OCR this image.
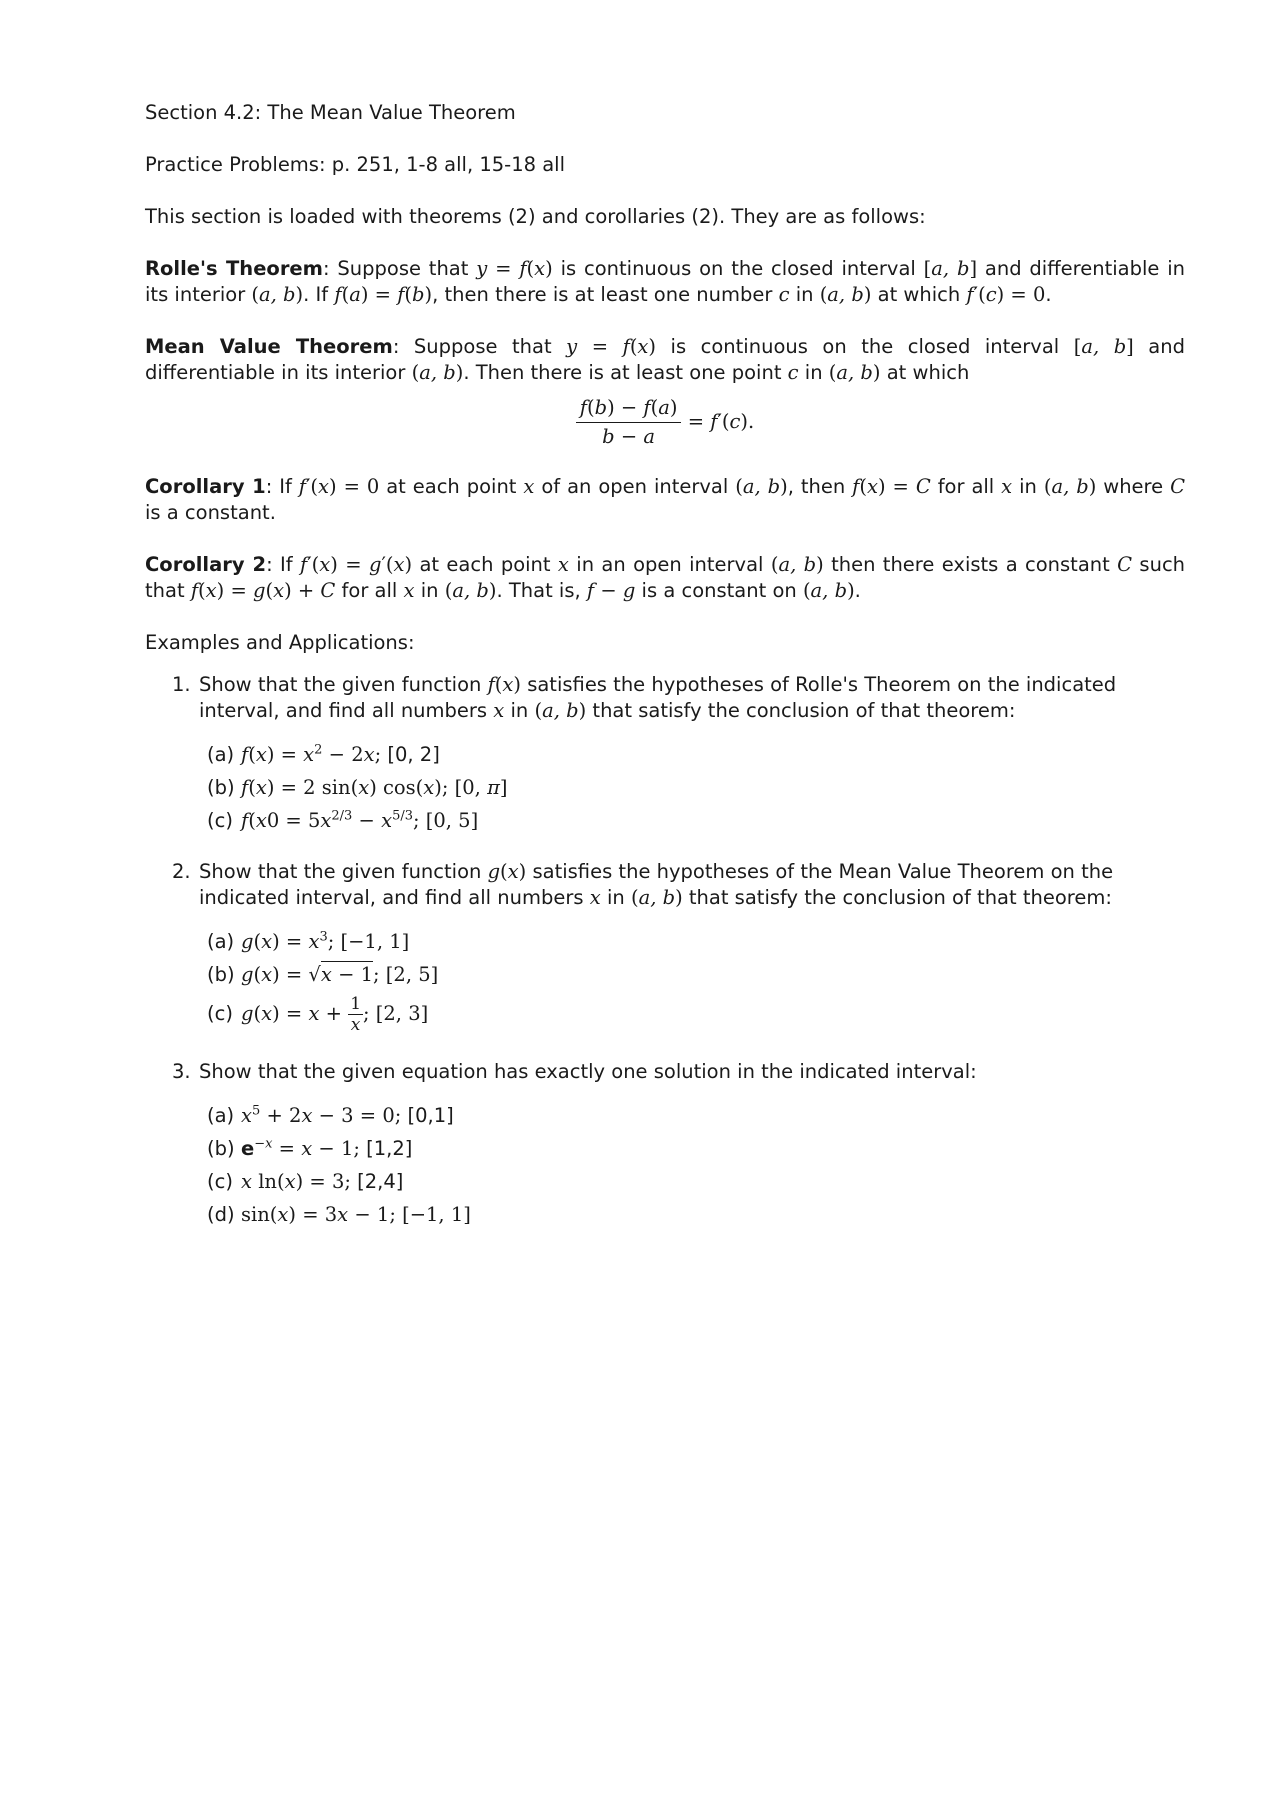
Section 4.2: The Mean Value Theorem

Practice Problems: p. 251, 1-8 all, 15-18 all

This section is loaded with theorems (2) and corollaries (2). They are as follows:

Rolle's Theorem: Suppose that y = f(x) is continuous on the closed interval [a, b] and differentiable in its interior (a, b). If f(a) = f(b), then there is at least one number c in (a, b) at which f′(c) = 0.

Mean Value Theorem: Suppose that y = f(x) is continuous on the closed interval [a, b] and differentiable in its interior (a, b). Then there is at least one point c in (a, b) at which

$\frac{f(b) - f(a)}{b - a} = f'(c)$.

Corollary 1: If f′(x) = 0 at each point x of an open interval (a, b), then f(x) = C for all x in (a, b) where C is a constant.

Corollary 2: If f′(x) = g′(x) at each point x in an open interval (a, b) then there exists a constant C such that f(x) = g(x) + C for all x in (a, b). That is, f − g is a constant on (a, b).

Examples and Applications:

1. Show that the given function f(x) satisfies the hypotheses of Rolle's Theorem on the indicated interval, and find all numbers x in (a, b) that satisfy the conclusion of that theorem:
(a) $f(x) = x^2 - 2x$; [0, 2]
(b) f(x) = 2 sin(x) cos(x); [0, π]
(c) $f(x0 = 5x^{2/3} - x^{5/3}$; [0, 5]
2. Show that the given function g(x) satisfies the hypotheses of the Mean Value Theorem on the indicated interval, and find all numbers x in (a, b) that satisfy the conclusion of that theorem:
(a) $g(x) = x^3$; [−1, 1]
(b) g(x) = √x − 1; [2, 5]
(c) $g(x) = x + \frac{1}{x}$ ; [2, 3]
3. Show that the given equation has exactly one solution in the indicated interval:
(a) $x^5 + 2x - 3 = 0$; [0,1]
(b) $e^{-x} = x - 1$; [1,2]
(c) x ln(x) = 3; [2,4]
(d) sin(x) = 3x − 1; [−1, 1]
